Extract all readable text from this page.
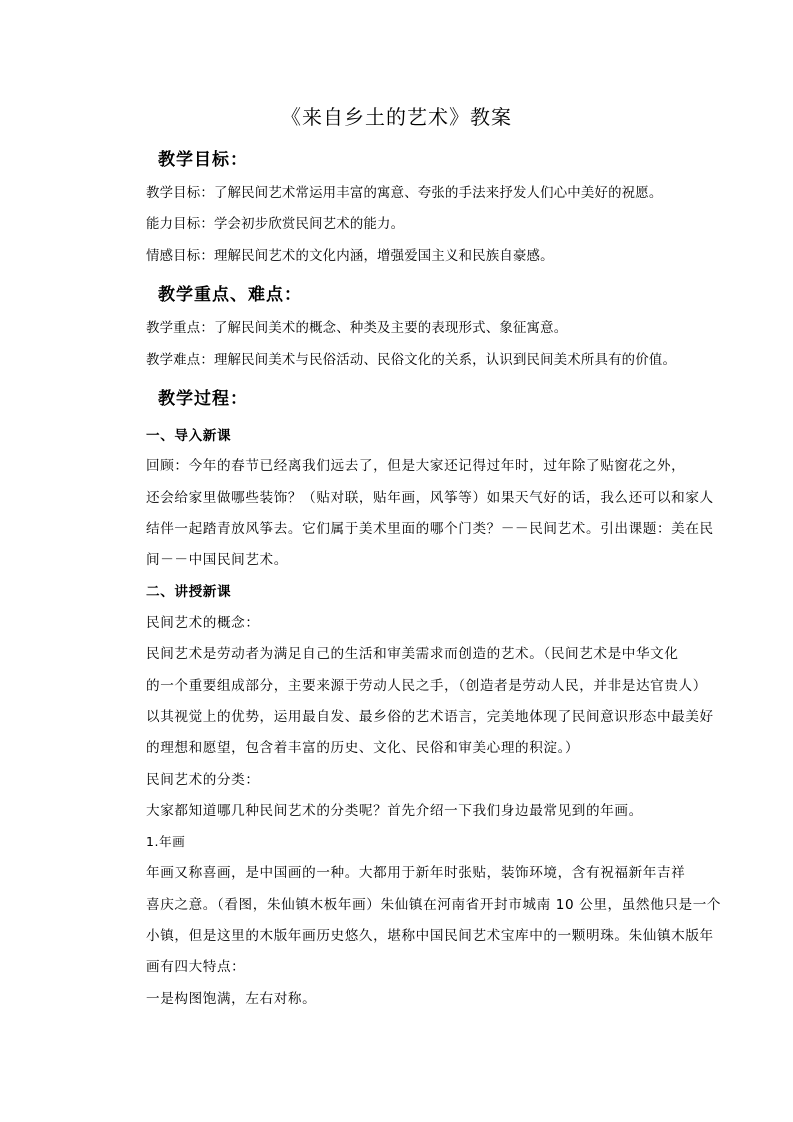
《来自乡土的艺术》教案
教学目标：
教学目标：了解民间艺术常运用丰富的寓意、夸张的手法来抒发人们心中美好的祝愿。
能力目标：学会初步欣赏民间艺术的能力。
情感目标：理解民间艺术的文化内涵，增强爱国主义和民族自豪感。
教学重点、难点：
教学重点：了解民间美术的概念、种类及主要的表现形式、象征寓意。
教学难点：理解民间美术与民俗活动、民俗文化的关系，认识到民间美术所具有的价值。
教学过程：
一、导入新课
回顾：今年的春节已经离我们远去了，但是大家还记得过年时，过年除了贴窗花之外，
还会给家里做哪些装饰？（贴对联，贴年画，风筝等）如果天气好的话，我么还可以和家人
结伴一起踏青放风筝去。它们属于美术里面的哪个门类？－－民间艺术。引出课题：美在民
间－－中国民间艺术。
二、讲授新课
民间艺术的概念：
民间艺术是劳动者为满足自己的生活和审美需求而创造的艺术。（民间艺术是中华文化
的一个重要组成部分，主要来源于劳动人民之手，（创造者是劳动人民，并非是达官贵人）
以其视觉上的优势，运用最自发、最乡俗的艺术语言，完美地体现了民间意识形态中最美好
的理想和愿望，包含着丰富的历史、文化、民俗和审美心理的积淀。）
民间艺术的分类：
大家都知道哪几种民间艺术的分类呢？首先介绍一下我们身边最常见到的年画。
1.年画
年画又称喜画，是中国画的一种。大都用于新年时张贴，装饰环境，含有祝福新年吉祥
喜庆之意。（看图，朱仙镇木板年画）朱仙镇在河南省开封市城南 10 公里，虽然他只是一个
小镇，但是这里的木版年画历史悠久，堪称中国民间艺术宝库中的一颗明珠。朱仙镇木版年
画有四大特点：
一是构图饱满，左右对称。
